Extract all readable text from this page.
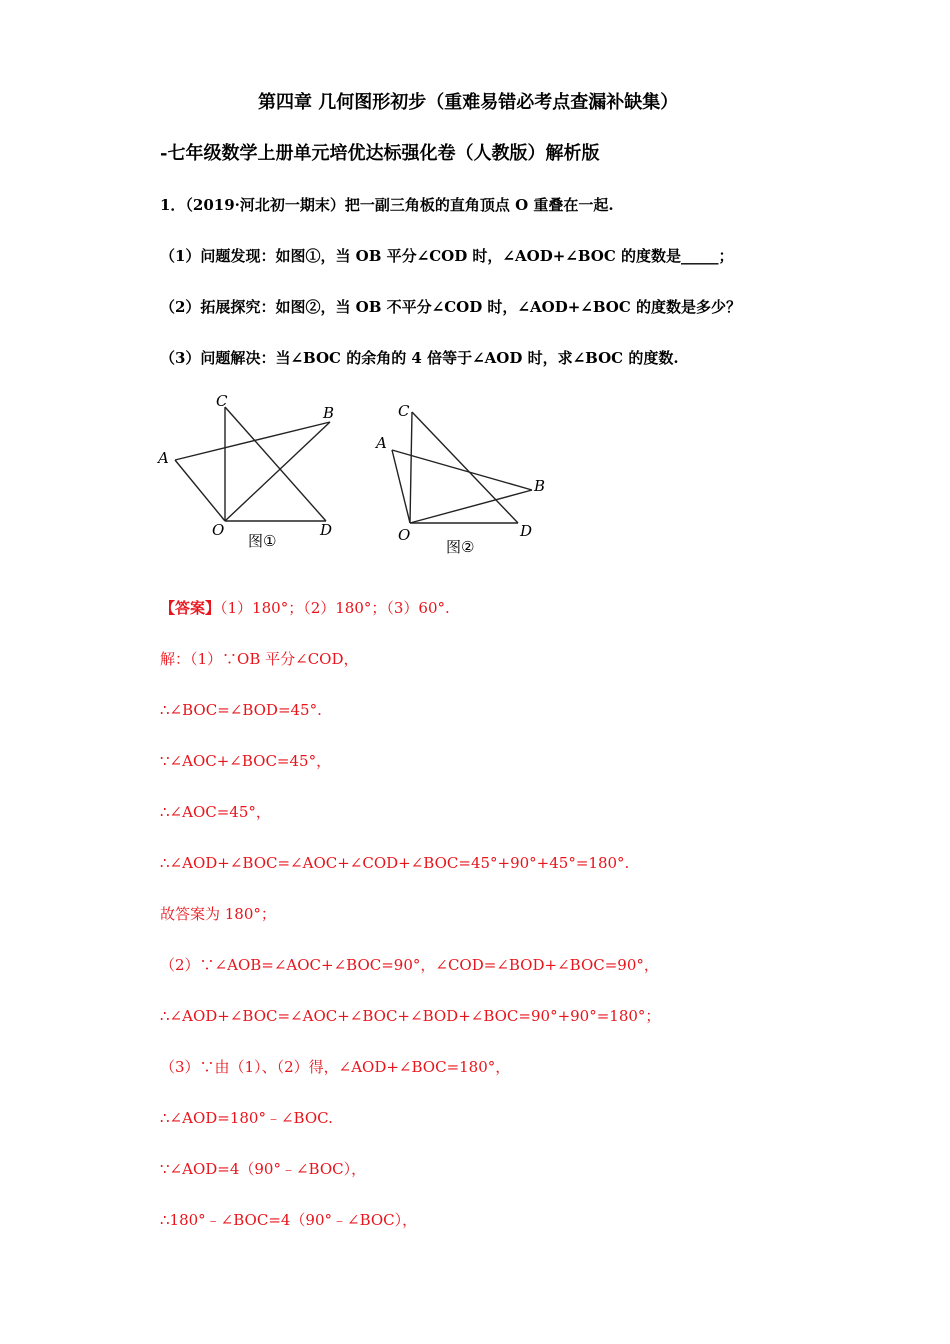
第四章 几何图形初步（重难易错必考点查漏补缺集）
-七年级数学上册单元培优达标强化卷（人教版）解析版
1．（2019·河北初一期末）把一副三角板的直角顶点 O 重叠在一起.
（1）问题发现：如图①，当 OB 平分∠COD 时，∠AOD+∠BOC 的度数是_____；
（2）拓展探究：如图②，当 OB 不平分∠COD 时，∠AOD+∠BOC 的度数是多少？
（3）问题解决：当∠BOC 的余角的 4 倍等于∠AOD 时，求∠BOC 的度数.
A
B
C
O	D
图①
A
B
C
O	D
图②
【答案】（1）180°；（2）180°；（3）60°.
解：（1）∵OB 平分∠COD，
∴∠BOC=∠BOD=45°.
∵∠AOC+∠BOC=45°，
∴∠AOC=45°，
∴∠AOD+∠BOC=∠AOC+∠COD+∠BOC=45°+90°+45°=180°.
故答案为 180°；
（2）∵∠AOB=∠AOC+∠BOC=90°，∠COD=∠BOD+∠BOC=90°，
∴∠AOD+∠BOC=∠AOC+∠BOC+∠BOD+∠BOC=90°+90°=180°；
（3）∵由（1）、（2）得，∠AOD+∠BOC=180°，
∴∠AOD=180°﹣∠BOC.
∵∠AOD=4（90°﹣∠BOC），
∴180°﹣∠BOC=4（90°﹣∠BOC），
